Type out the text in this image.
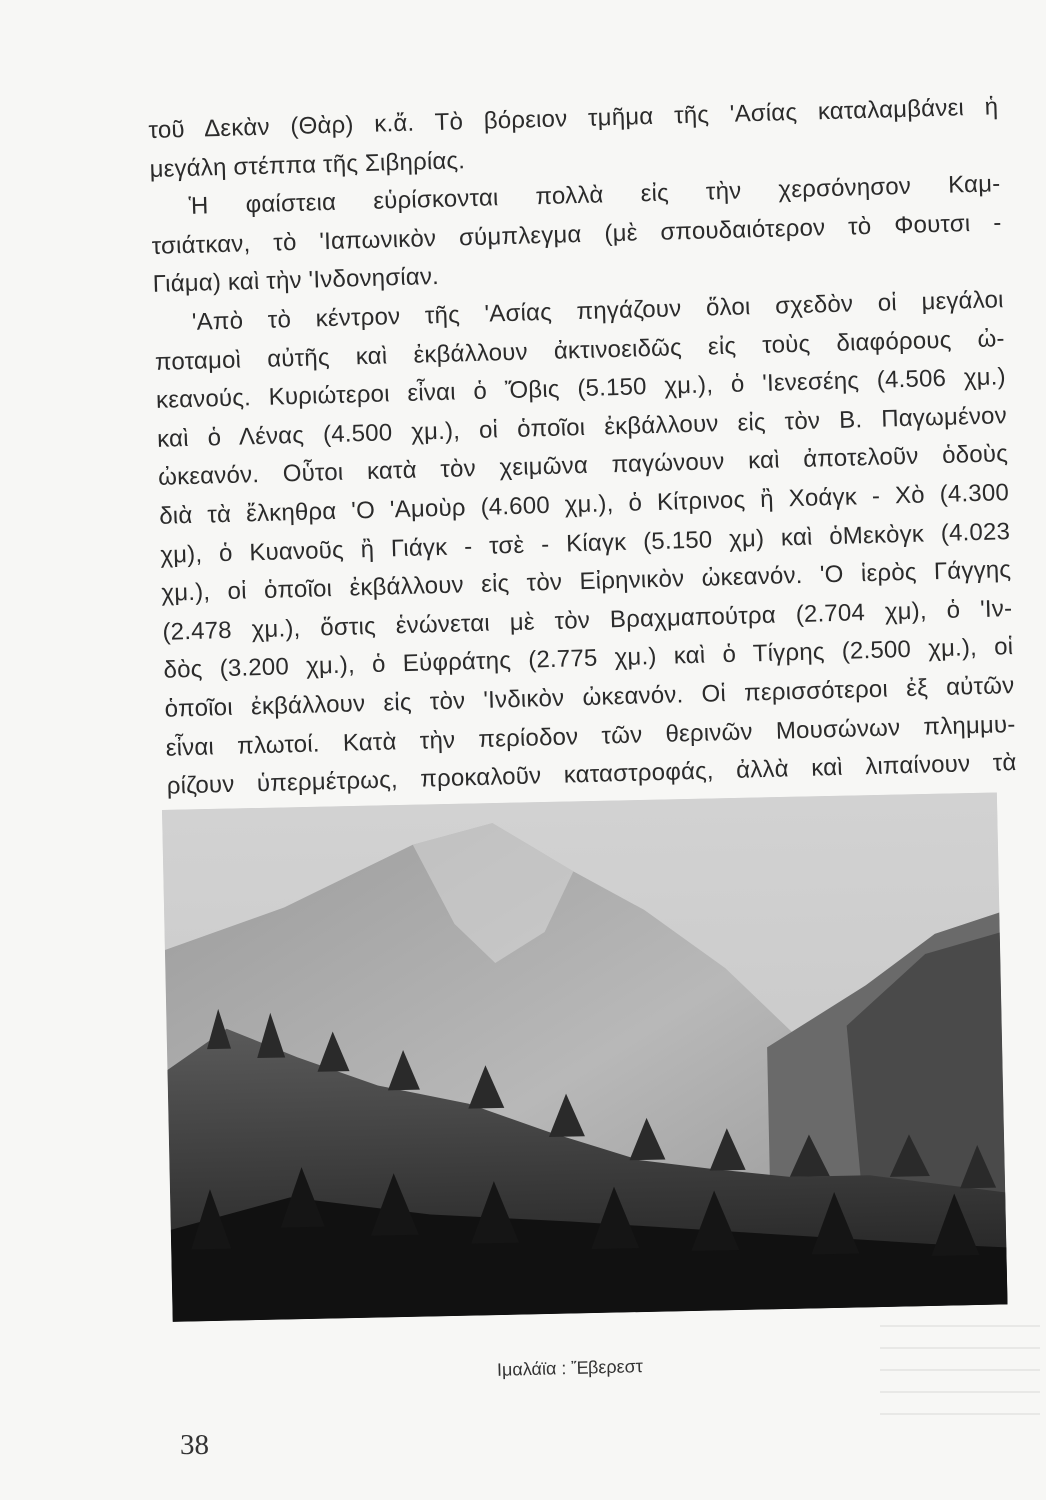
τοῦ Δεκὰν (Θὰρ) κ.ἄ. Τὸ βόρειον τμῆμα τῆς 'Ασίας καταλαμβάνει ἡ
μεγάλη στέππα τῆς Σιβηρίας.
Ἡ φαίστεια εὑρίσκονται πολλὰ εἰς τὴν χερσόνησον Καμ-
τσιάτκαν, τὸ 'Ιαπωνικὸν σύμπλεγμα (μὲ σπουδαιότερον τὸ Φουτσι -
Γιάμα) καὶ τὴν 'Ινδονησίαν.
'Απὸ τὸ κέντρον τῆς 'Ασίας πηγάζουν ὅλοι σχεδὸν οἱ μεγάλοι
ποταμοὶ αὐτῆς καὶ ἐκβάλλουν ἀκτινοειδῶς εἰς τοὺς διαφόρους ὠ-
κεανούς. Κυριώτεροι εἶναι ὁ Ὄβις (5.150 χμ.), ὁ 'Ιενεσέης (4.506 χμ.)
καὶ ὁ Λένας (4.500 χμ.), οἱ ὁποῖοι ἐκβάλλουν εἰς τὸν Β. Παγωμένον
ὠκεανόν. Οὗτοι κατὰ τὸν χειμῶνα παγώνουν καὶ ἀποτελοῦν ὁδοὺς
διὰ τὰ ἔλκηθρα 'Ο 'Αμοὺρ (4.600 χμ.), ὁ Κίτρινος ἢ Χοάγκ - Χὸ (4.300
χμ), ὁ Κυανοῦς ἢ Γιάγκ - τσὲ - Κίαγκ (5.150 χμ) καὶ ὁΜεκὸγκ (4.023
χμ.), οἱ ὁποῖοι ἐκβάλλουν εἰς τὸν Εἰρηνικὸν ὠκεανόν. 'Ο ἱερὸς Γάγγης
(2.478 χμ.), ὅστις ἑνώνεται μὲ τὸν Βραχμαπούτρα (2.704 χμ), ὁ 'Ιν-
δὸς (3.200 χμ.), ὁ Εὐφράτης (2.775 χμ.) καὶ ὁ Τίγρης (2.500 χμ.), οἱ
ὁποῖοι ἐκβάλλουν εἰς τὸν 'Ινδικὸν ὠκεανόν. Οἱ περισσότεροι ἐξ αὐτῶν
εἶναι πλωτοί. Κατὰ τὴν περίοδον τῶν θερινῶν Μουσώνων πλημμυ-
ρίζουν ὑπερμέτρως, προκαλοῦν καταστροφάς, ἀλλὰ καὶ λιπαίνουν τὰ
Ιμαλάϊα : Ἔβερεστ
38
